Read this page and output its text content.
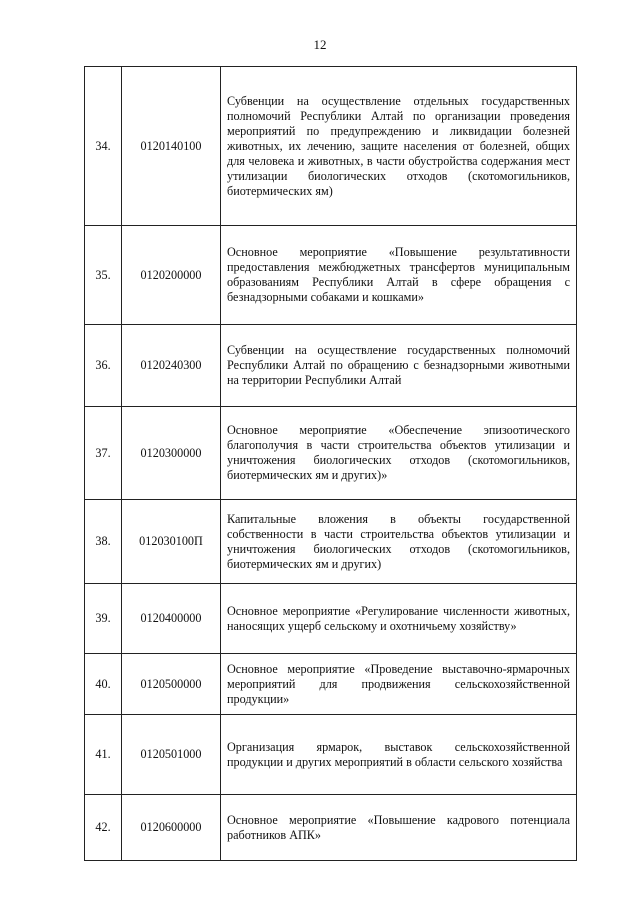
12
34.	0120140100	Субвенции на осуществление отдельных государственных полномочий Республики Алтай по организации проведения мероприятий по предупреждению и ликвидации болезней животных, их лечению, защите населения от болезней, общих для человека и животных, в части обустройства содержания мест утилизации биологических отходов (скотомогильников, биотермических ям)
35.	0120200000	Основное мероприятие «Повышение результативности предоставления межбюджетных трансфертов муниципальным образованиям Республики Алтай в сфере обращения с безнадзорными собаками и кошками»
36.	0120240300	Субвенции на осуществление государственных полномочий Республики Алтай по обращению с безнадзорными животными на территории Республики Алтай
37.	0120300000	Основное мероприятие «Обеспечение эпизоотического благополучия в части строительства объектов утилизации и уничтожения биологических отходов (скотомогильников, биотермических ям и других)»
38.	012030100П	Капитальные вложения в объекты государственной собственности в части строительства объектов утилизации и уничтожения биологических отходов (скотомогильников, биотермических ям и других)
39.	0120400000	Основное мероприятие «Регулирование численности животных, наносящих ущерб сельскому и охотничьему хозяйству»
40.	0120500000	Основное мероприятие «Проведение выставочно-ярмарочных мероприятий для продвижения сельскохозяйственной продукции»
41.	0120501000	Организация ярмарок, выставок сельскохозяйственной продукции и других мероприятий в области сельского хозяйства
42.	0120600000	Основное мероприятие «Повышение кадрового потенциала работников АПК»
